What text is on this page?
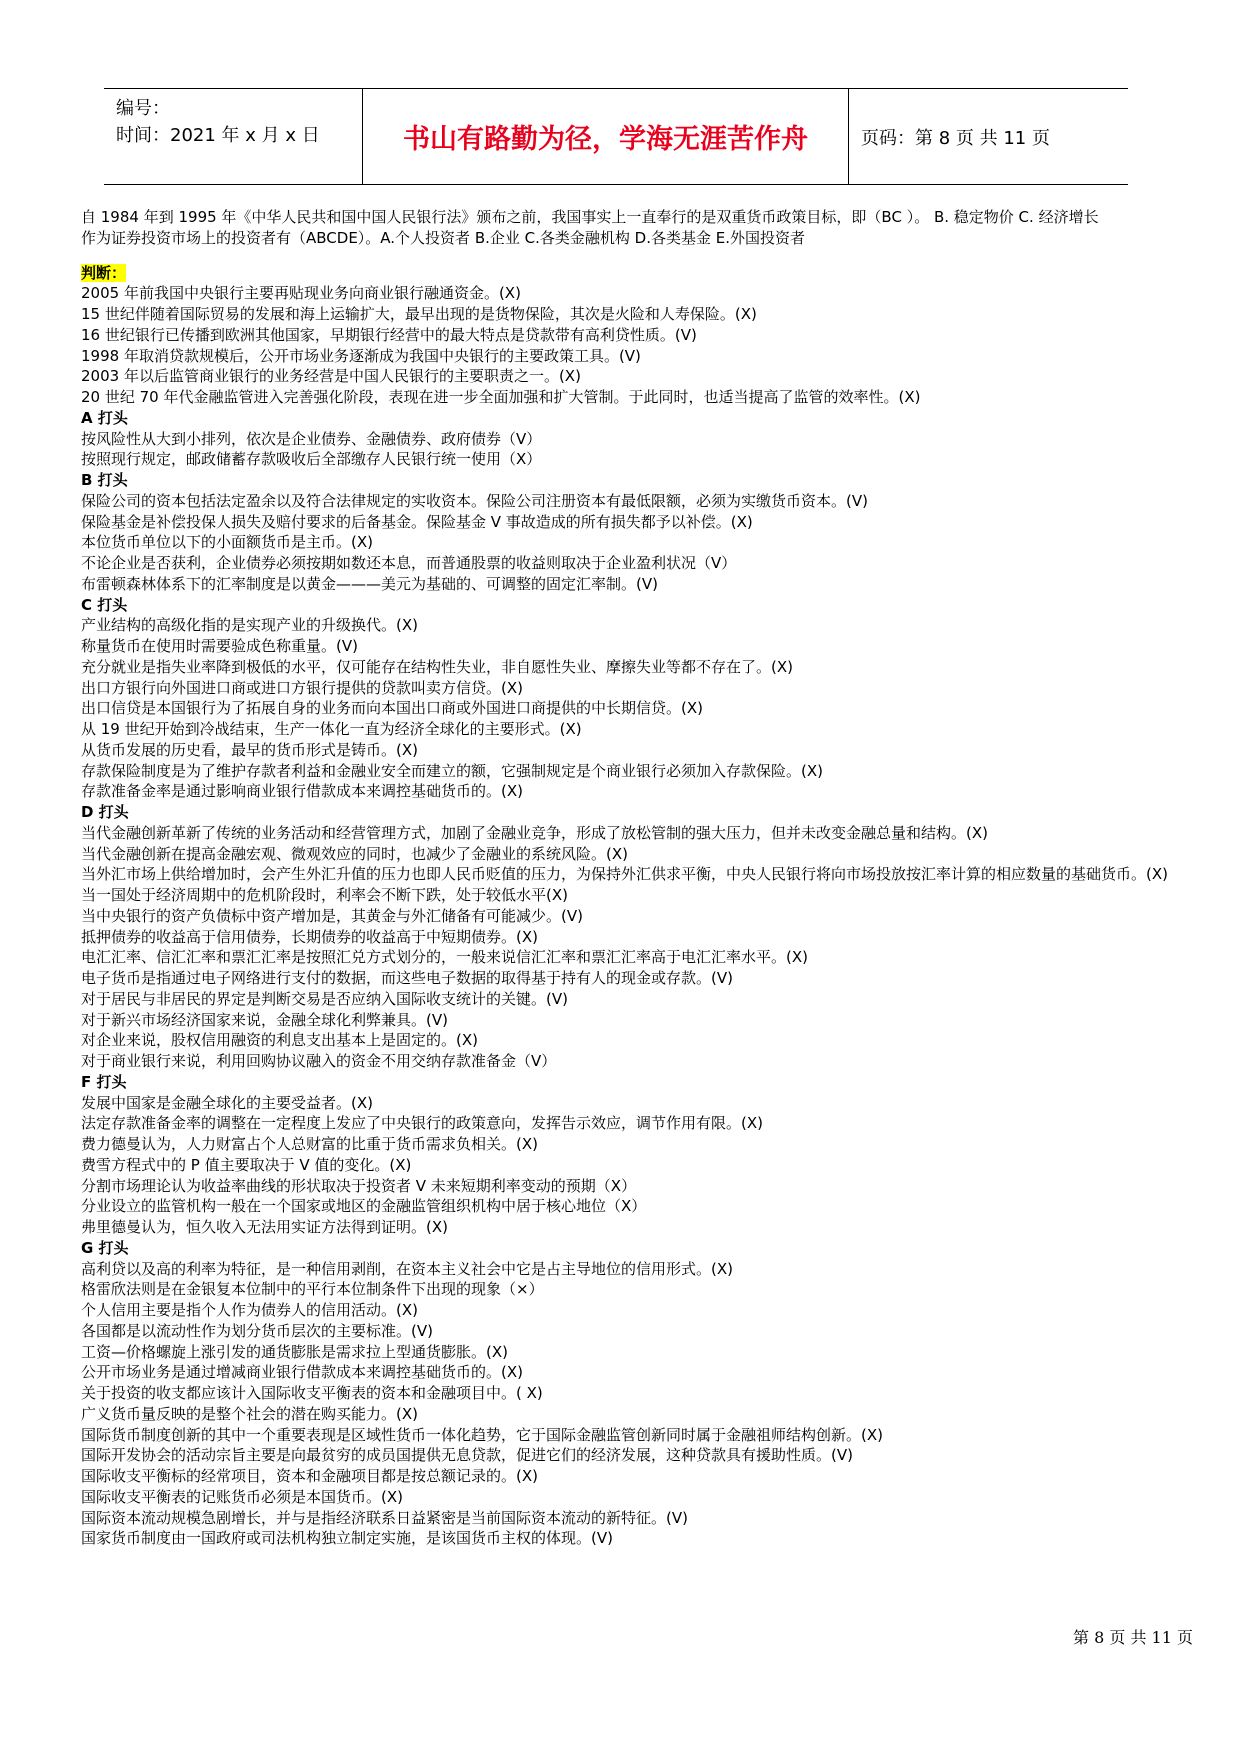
编号：
时间：2021 年 x 月 x 日	书山有路勤为径，学海无涯苦作舟	页码：第 8 页 共 11 页
自 1984 年到 1995 年《中华人民共和国中国人民银行法》颁布之前，我国事实上一直奉行的是双重货币政策目标，即（BC ）。 B. 稳定物价 C. 经济增长
作为证券投资市场上的投资者有（ABCDE）。A.个人投资者 B.企业 C.各类金融机构 D.各类基金 E.外国投资者
判断：
2005 年前我国中央银行主要再贴现业务向商业银行融通资金。(X)
15 世纪伴随着国际贸易的发展和海上运输扩大，最早出现的是货物保险，其次是火险和人寿保险。(X)
16 世纪银行已传播到欧洲其他国家，早期银行经营中的最大特点是贷款带有高利贷性质。(V)
1998 年取消贷款规模后，公开市场业务逐渐成为我国中央银行的主要政策工具。(V)
2003 年以后监管商业银行的业务经营是中国人民银行的主要职责之一。(X)
20 世纪 70 年代金融监管进入完善强化阶段，表现在进一步全面加强和扩大管制。于此同时，也适当提高了监管的效率性。(X)
A 打头
按风险性从大到小排列，依次是企业债券、金融债券、政府债券（V）
按照现行规定，邮政储蓄存款吸收后全部缴存人民银行统一使用（X）
B 打头
保险公司的资本包括法定盈余以及符合法律规定的实收资本。保险公司注册资本有最低限额，必须为实缴货币资本。(V)
保险基金是补偿投保人损失及赔付要求的后备基金。保险基金 V 事故造成的所有损失都予以补偿。(X)
本位货币单位以下的小面额货币是主币。(X)
不论企业是否获利，企业债券必须按期如数还本息，而普通股票的收益则取决于企业盈利状况（V）
布雷顿森林体系下的汇率制度是以黄金———美元为基础的、可调整的固定汇率制。(V)
C 打头
产业结构的高级化指的是实现产业的升级换代。(X)
称量货币在使用时需要验成色称重量。(V)
充分就业是指失业率降到极低的水平，仅可能存在结构性失业，非自愿性失业、摩擦失业等都不存在了。(X)
出口方银行向外国进口商或进口方银行提供的贷款叫卖方信贷。(X)
出口信贷是本国银行为了拓展自身的业务而向本国出口商或外国进口商提供的中长期信贷。(X)
从 19 世纪开始到冷战结束，生产一体化一直为经济全球化的主要形式。(X)
从货币发展的历史看，最早的货币形式是铸币。(X)
存款保险制度是为了维护存款者利益和金融业安全而建立的额，它强制规定是个商业银行必须加入存款保险。(X)
存款准备金率是通过影响商业银行借款成本来调控基础货币的。(X)
D 打头
当代金融创新革新了传统的业务活动和经营管理方式，加剧了金融业竞争，形成了放松管制的强大压力，但并未改变金融总量和结构。(X)
当代金融创新在提高金融宏观、微观效应的同时，也减少了金融业的系统风险。(X)
当外汇市场上供给增加时，会产生外汇升值的压力也即人民币贬值的压力，为保持外汇供求平衡，中央人民银行将向市场投放按汇率计算的相应数量的基础货币。(X)
当一国处于经济周期中的危机阶段时，利率会不断下跌，处于较低水平(X)
当中央银行的资产负债标中资产增加是，其黄金与外汇储备有可能减少。(V)
抵押债券的收益高于信用债券，长期债券的收益高于中短期债券。(X)
电汇汇率、信汇汇率和票汇汇率是按照汇兑方式划分的，一般来说信汇汇率和票汇汇率高于电汇汇率水平。(X)
电子货币是指通过电子网络进行支付的数据，而这些电子数据的取得基于持有人的现金或存款。(V)
对于居民与非居民的界定是判断交易是否应纳入国际收支统计的关键。(V)
对于新兴市场经济国家来说，金融全球化利弊兼具。(V)
对企业来说，股权信用融资的利息支出基本上是固定的。(X)
对于商业银行来说，利用回购协议融入的资金不用交纳存款准备金（V）
F 打头
发展中国家是金融全球化的主要受益者。(X)
法定存款准备金率的调整在一定程度上发应了中央银行的政策意向，发挥告示效应，调节作用有限。(X)
费力德曼认为，人力财富占个人总财富的比重于货币需求负相关。(X)
费雪方程式中的 P 值主要取决于 V 值的变化。(X)
分割市场理论认为收益率曲线的形状取决于投资者 V 未来短期利率变动的预期（X）
分业设立的监管机构一般在一个国家或地区的金融监管组织机构中居于核心地位（X）
弗里德曼认为，恒久收入无法用实证方法得到证明。(X)
G 打头
高利贷以及高的利率为特征，是一种信用剥削，在资本主义社会中它是占主导地位的信用形式。(X)
格雷欣法则是在金银复本位制中的平行本位制条件下出现的现象（×）
个人信用主要是指个人作为债券人的信用活动。(X)
各国都是以流动性作为划分货币层次的主要标准。(V)
工资—价格螺旋上涨引发的通货膨胀是需求拉上型通货膨胀。(X)
公开市场业务是通过增减商业银行借款成本来调控基础货币的。(X)
关于投资的收支都应该计入国际收支平衡表的资本和金融项目中。( X)
广义货币量反映的是整个社会的潜在购买能力。(X)
国际货币制度创新的其中一个重要表现是区域性货币一体化趋势，它于国际金融监管创新同时属于金融祖师结构创新。(X)
国际开发协会的活动宗旨主要是向最贫穷的成员国提供无息贷款，促进它们的经济发展，这种贷款具有援助性质。(V)
国际收支平衡标的经常项目，资本和金融项目都是按总额记录的。(X)
国际收支平衡表的记账货币必须是本国货币。(X)
国际资本流动规模急剧增长，并与是指经济联系日益紧密是当前国际资本流动的新特征。(V)
国家货币制度由一国政府或司法机构独立制定实施，是该国货币主权的体现。(V)
第 8 页 共 11 页
